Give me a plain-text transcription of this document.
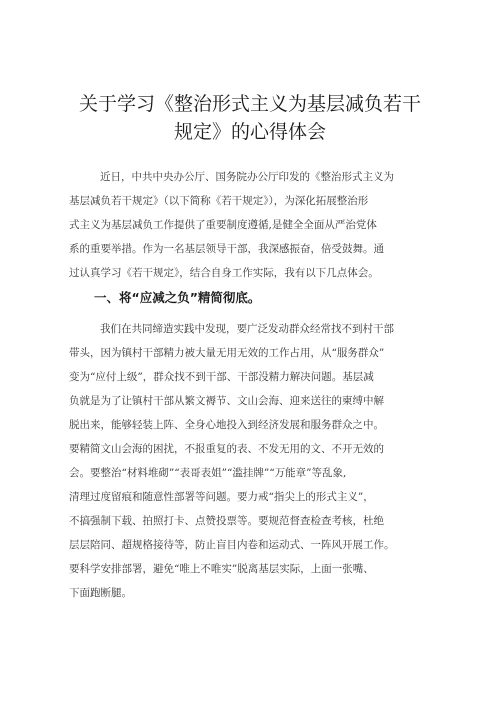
关于学习《整治形式主义为基层减负若干
规定》的心得体会

近日，中共中央办公厅、国务院办公厅印发的《整治形式主义为

基层减负若干规定》（以下简称《若干规定》），为深化拓展整治形

式主义为基层减负工作提供了重要制度遵循,是健全全面从严治党体

系的重要举措。作为一名基层领导干部，我深感振奋，倍受鼓舞。通

过认真学习《若干规定》，结合自身工作实际，我有以下几点体会。

一、将“应减之负”精简彻底。

我们在共同缔造实践中发现，要广泛发动群众经常找不到村干部

带头，因为镇村干部精力被大量无用无效的工作占用，从“服务群众”

变为“应付上级”，群众找不到干部、干部没精力解决问题。基层减

负就是为了让镇村干部从繁文褥节、文山会海、迎来送往的柬缚中解

脱出来，能够轻装上阵、全身心地投入到经济发展和服务群众之中。

要精简文山会海的困扰，不报重复的表、不发无用的文、不开无效的

会。要整治“材料堆砌”“表哥表姐”“滥挂牌”“万能章”等乱象,

清理过度留痕和随意性部署等问题。要力戒“指尖上的形式主义”，

不搞强制下载、拍照打卡、点赞投票等。要规范督查检查考核，杜绝

层层陪同、超规格接待等，防止盲目内卷和运动式、一阵风开展工作。

要科学安排部署，避免“唯上不唯实”脱离基层实际，上面一张嘴、

下面跑断腿。
